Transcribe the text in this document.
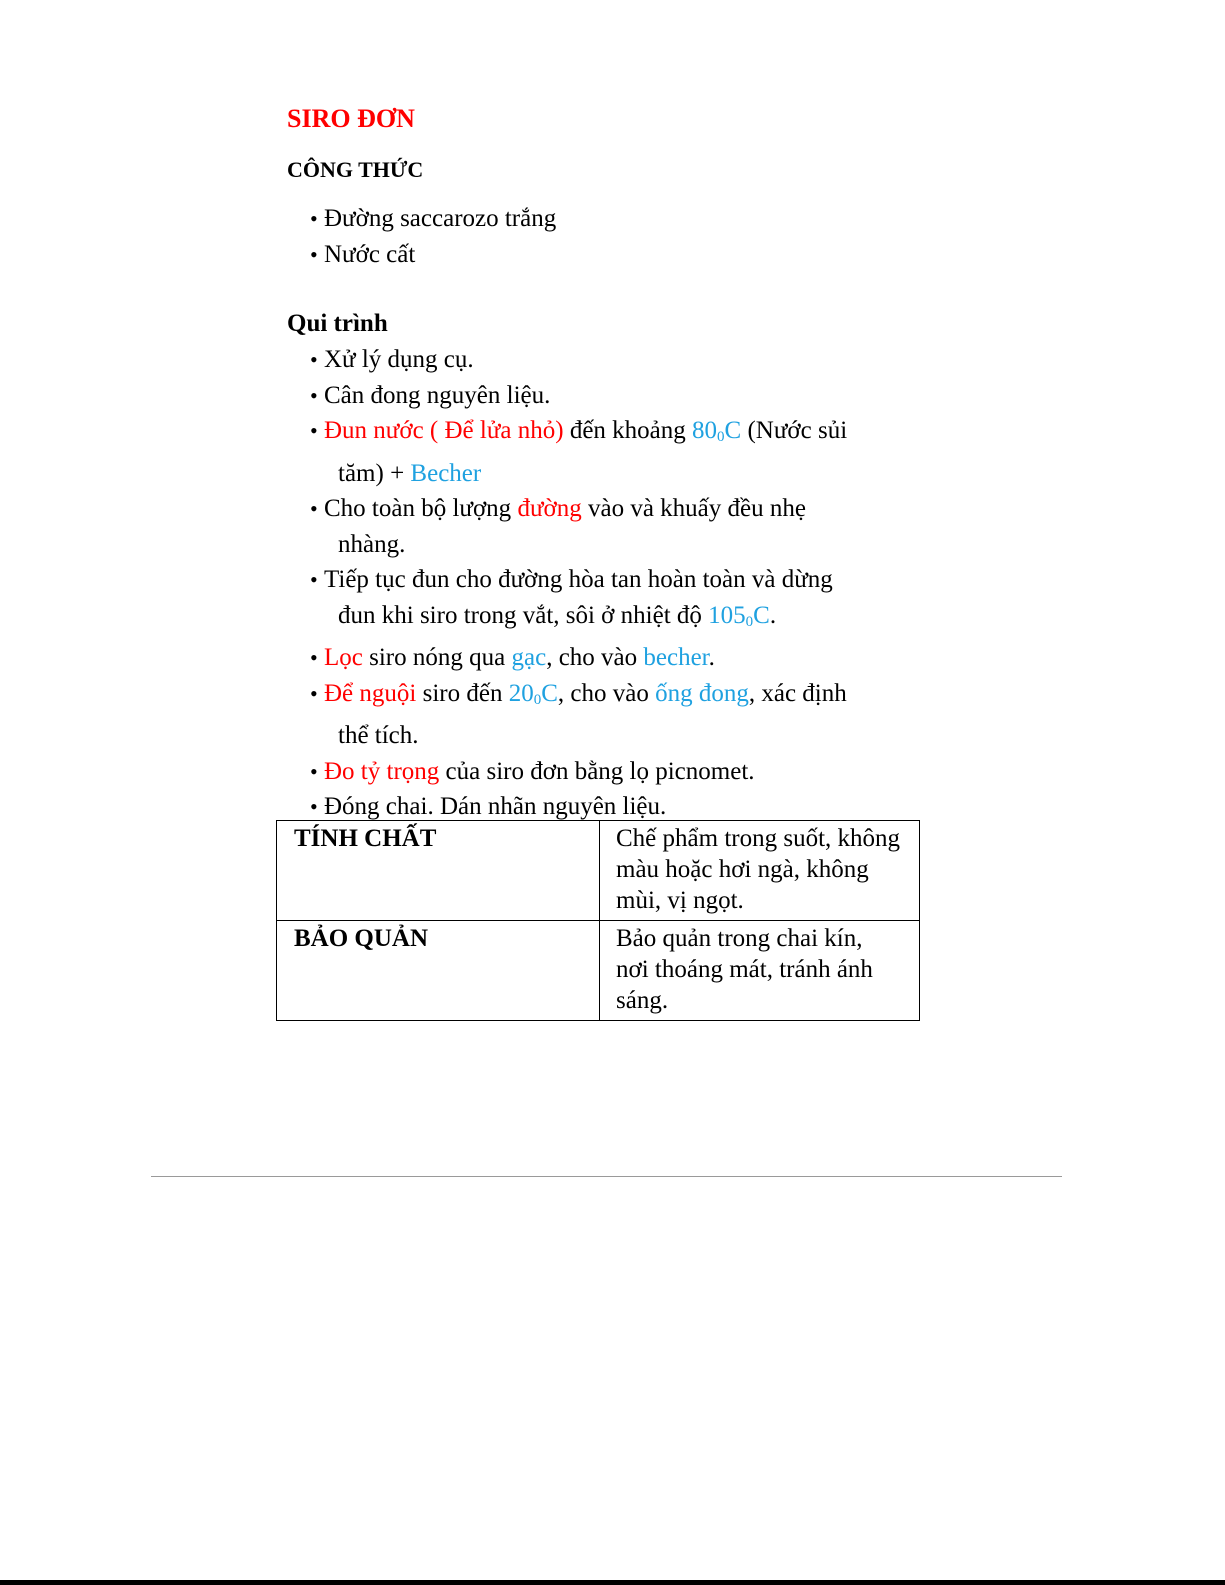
SIRO ĐƠN
CÔNG THỨC
• Đường saccarozo trắng
• Nước cất
Qui trình
• Xử lý dụng cụ.
• Cân đong nguyên liệu.
• Đun nước ( Để lửa nhỏ) đến khoảng $80_0C$ (Nước sủi
tăm) + Becher
• Cho toàn bộ lượng đường vào và khuấy đều nhẹ
nhàng.
• Tiếp tục đun cho đường hòa tan hoàn toàn và dừng
đun khi siro trong vắt, sôi ở nhiệt độ $105_0C$.
• Lọc siro nóng qua gạc, cho vào becher.
• Để nguội siro đến $20_0C$, cho vào ống đong, xác định
thể tích.
• Đo tỷ trọng của siro đơn bằng lọ picnomet.
• Đóng chai. Dán nhãn nguyên liệu.
TÍNH CHẤT	Chế phẩm trong suốt, không
màu hoặc hơi ngà, không
mùi, vị ngọt.
BẢO QUẢN	Bảo quản trong chai kín,
nơi thoáng mát, tránh ánh
sáng.
